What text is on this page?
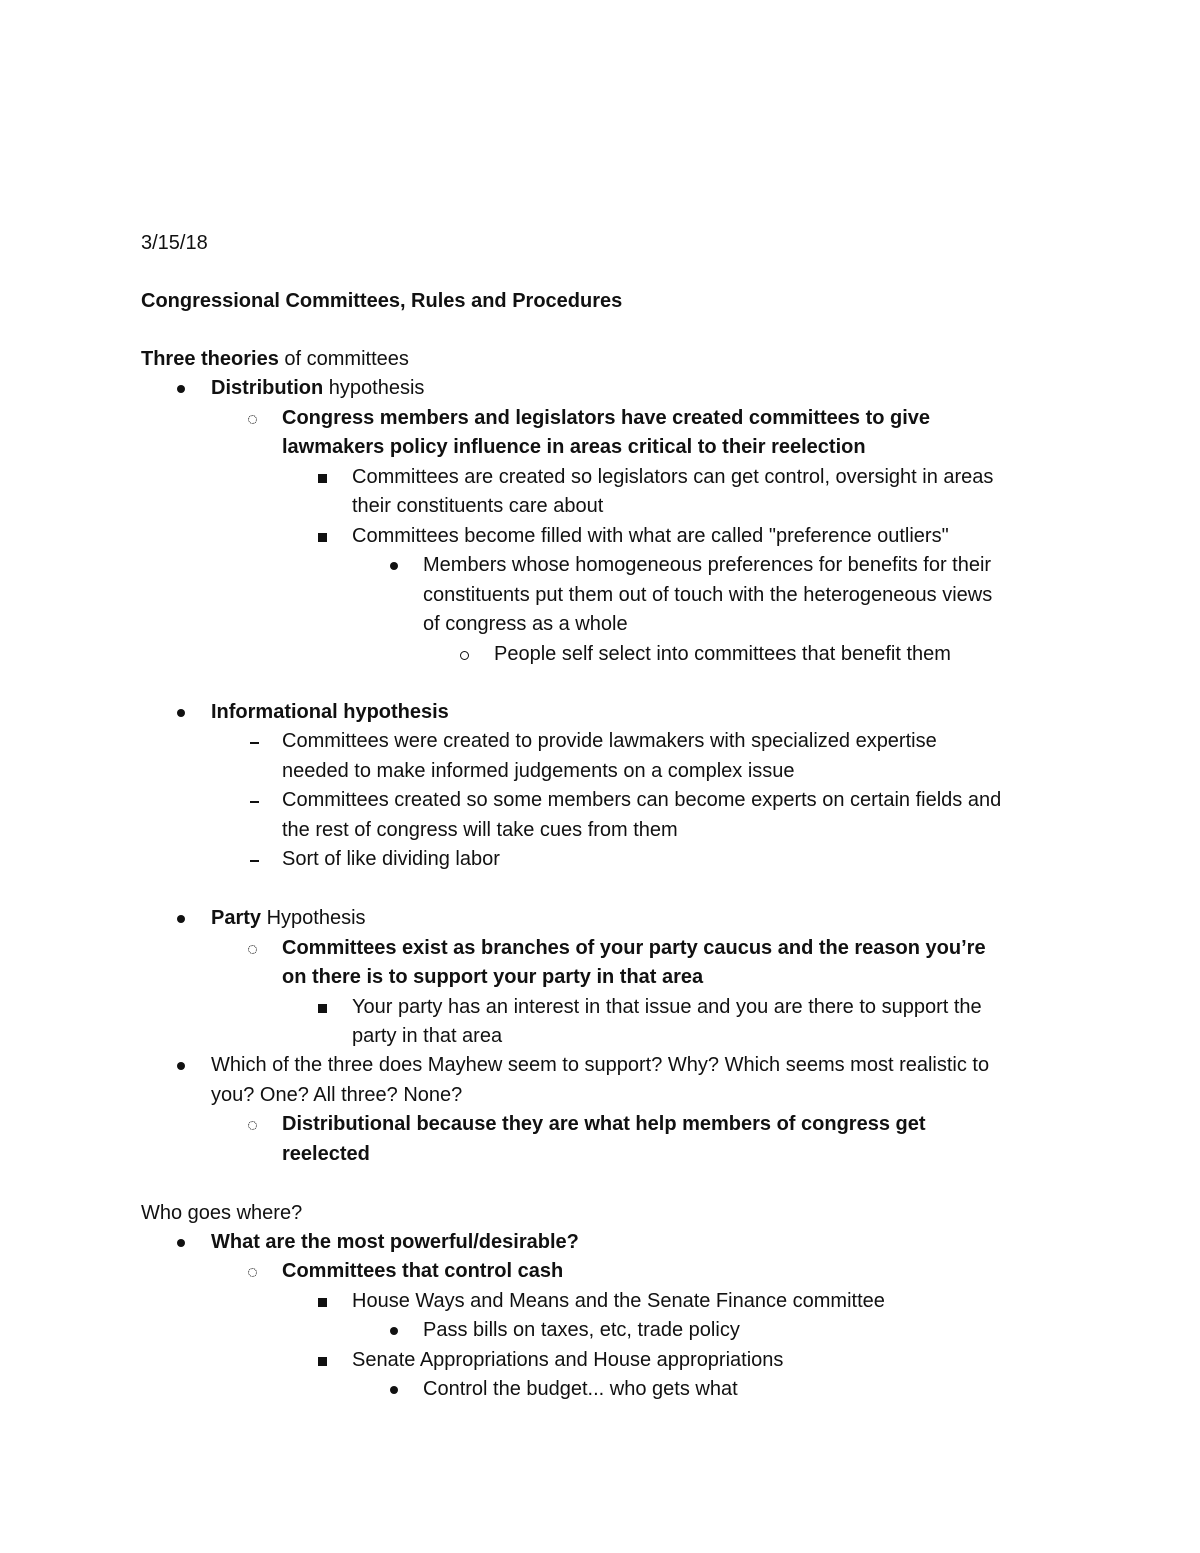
3/15/18
Congressional Committees, Rules and Procedures
Three theories of committees
Distribution hypothesis
Congress members and legislators have created committees to give
lawmakers policy influence in areas critical to their reelection
Committees are created so legislators can get control, oversight in areas
their constituents care about
Committees become filled with what are called "preference outliers"
Members whose homogeneous preferences for benefits for their
constituents put them out of touch with the heterogeneous views
of congress as a whole
People self select into committees that benefit them
Informational hypothesis
Committees were created to provide lawmakers with specialized expertise
needed to make informed judgements on a complex issue
Committees created so some members can become experts on certain fields and
the rest of congress will take cues from them
Sort of like dividing labor
Party Hypothesis
Committees exist as branches of your party caucus and the reason you’re
on there is to support your party in that area
Your party has an interest in that issue and you are there to support the
party in that area
Which of the three does Mayhew seem to support? Why? Which seems most realistic to
you? One? All three? None?
Distributional because they are what help members of congress get
reelected
Who goes where?
What are the most powerful/desirable?
Committees that control cash
House Ways and Means and the Senate Finance committee
Pass bills on taxes, etc, trade policy
Senate Appropriations and House appropriations
Control the budget... who gets what
